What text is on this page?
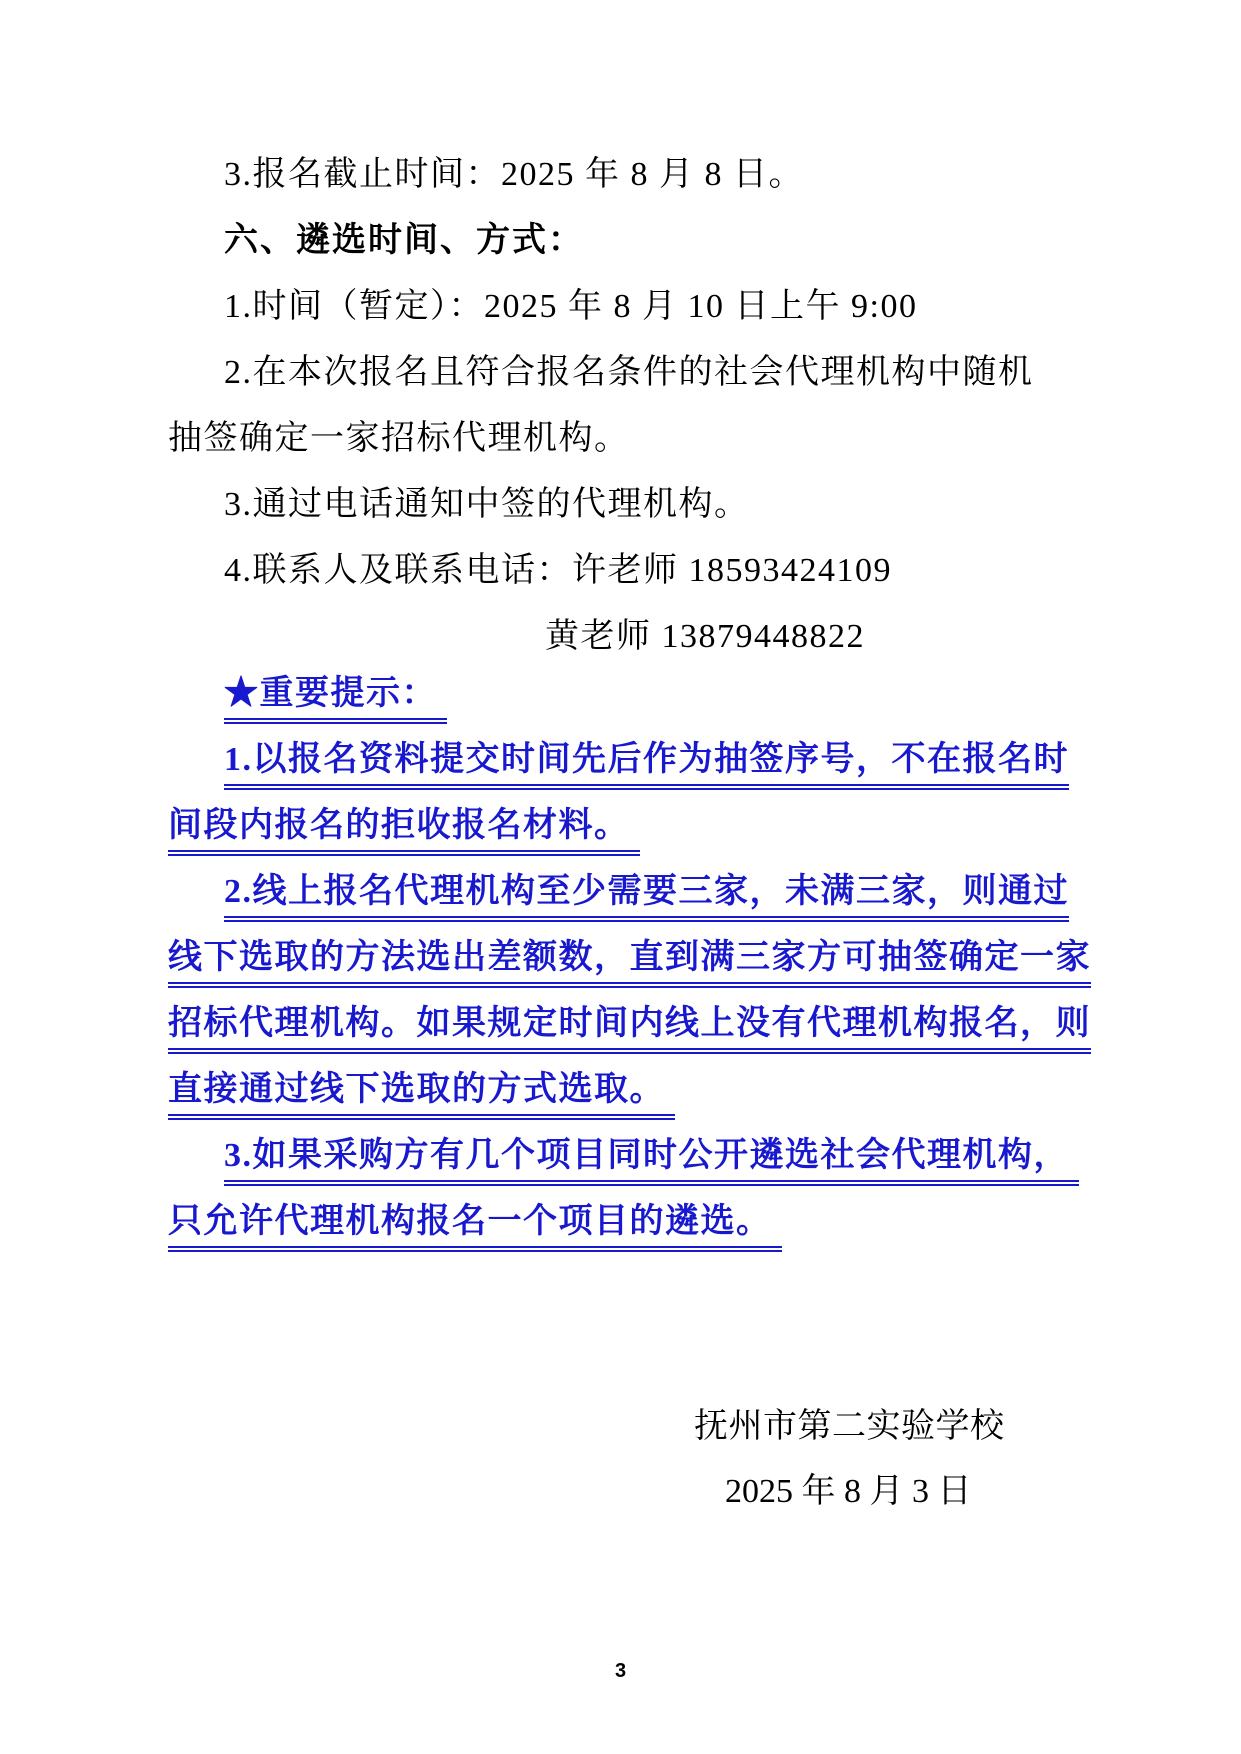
3.报名截止时间：2025 年 8 月 8 日。
六、遴选时间、方式：
1.时间（暂定）：2025 年 8 月 10 日上午 9:00
2.在本次报名且符合报名条件的社会代理机构中随机
抽签确定一家招标代理机构。
3.通过电话通知中签的代理机构。
4.联系人及联系电话：许老师 18593424109
黄老师 13879448822
★重要提示：
1.以报名资料提交时间先后作为抽签序号，不在报名时
间段内报名的拒收报名材料。
2.线上报名代理机构至少需要三家，未满三家，则通过
线下选取的方法选出差额数，直到满三家方可抽签确定一家
招标代理机构。如果规定时间内线上没有代理机构报名，则
直接通过线下选取的方式选取。
3.如果采购方有几个项目同时公开遴选社会代理机构，
只允许代理机构报名一个项目的遴选。
抚州市第二实验学校
2025 年 8 月 3 日
3
